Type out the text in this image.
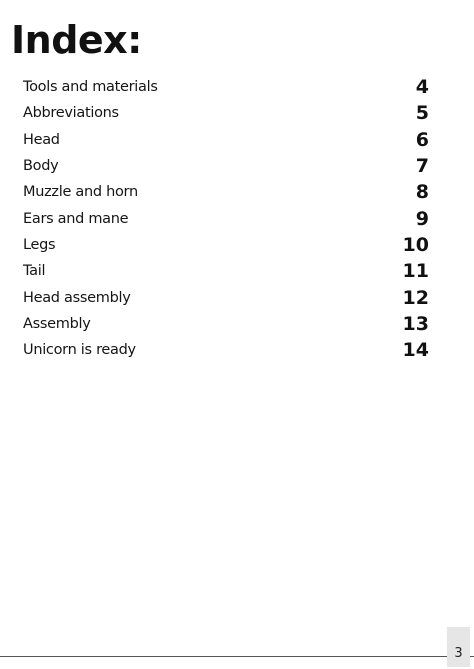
Index:
Tools and materials	4
Abbreviations	5
Head	6
Body	7
Muzzle and horn	8
Ears and mane	9
Legs	10
Tail	11
Head assembly	12
Assembly	13
Unicorn is ready	14
3
